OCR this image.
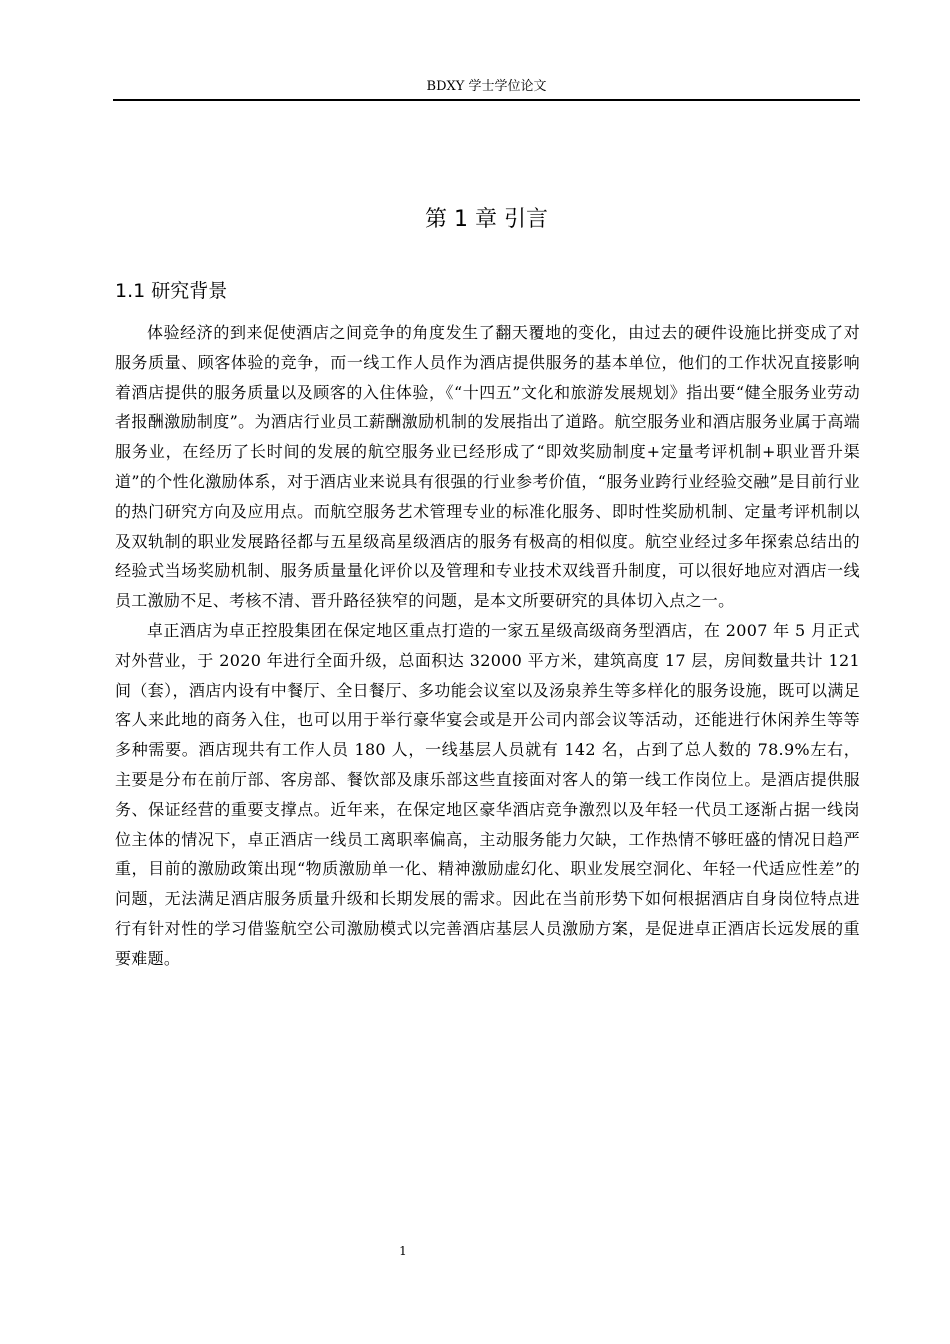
BDXY 学士学位论文
第 1 章 引言
1.1 研究背景

体验经济的到来促使酒店之间竞争的角度发生了翻天覆地的变化，由过去的硬件设施比拼变成了对服务质量、顾客体验的竞争，而一线工作人员作为酒店提供服务的基本单位，他们的工作状况直接影响着酒店提供的服务质量以及顾客的入住体验，《“十四五”文化和旅游发展规划》指出要“健全服务业劳动者报酬激励制度”。为酒店行业员工薪酬激励机制的发展指出了道路。航空服务业和酒店服务业属于高端服务业，在经历了长时间的发展的航空服务业已经形成了“即效奖励制度+定量考评机制+职业晋升渠道”的个性化激励体系，对于酒店业来说具有很强的行业参考价值，“服务业跨行业经验交融”是目前行业的热门研究方向及应用点。而航空服务艺术管理专业的标准化服务、即时性奖励机制、定量考评机制以及双轨制的职业发展路径都与五星级高星级酒店的服务有极高的相似度。航空业经过多年探索总结出的经验式当场奖励机制、服务质量量化评价以及管理和专业技术双线晋升制度，可以很好地应对酒店一线员工激励不足、考核不清、晋升路径狭窄的问题，是本文所要研究的具体切入点之一。

卓正酒店为卓正控股集团在保定地区重点打造的一家五星级高级商务型酒店，在 2007 年 5 月正式对外营业，于 2020 年进行全面升级，总面积达 32000 平方米，建筑高度 17 层，房间数量共计 121 间（套），酒店内设有中餐厅、全日餐厅、多功能会议室以及汤泉养生等多样化的服务设施，既可以满足客人来此地的商务入住，也可以用于举行豪华宴会或是开公司内部会议等活动，还能进行休闲养生等等多种需要。酒店现共有工作人员 180 人，一线基层人员就有 142 名，占到了总人数的 78.9%左右，主要是分布在前厅部、客房部、餐饮部及康乐部这些直接面对客人的第一线工作岗位上。是酒店提供服务、保证经营的重要支撑点。近年来，在保定地区豪华酒店竞争激烈以及年轻一代员工逐渐占据一线岗位主体的情况下，卓正酒店一线员工离职率偏高，主动服务能力欠缺，工作热情不够旺盛的情况日趋严重，目前的激励政策出现“物质激励单一化、精神激励虚幻化、职业发展空洞化、年轻一代适应性差”的问题，无法满足酒店服务质量升级和长期发展的需求。因此在当前形势下如何根据酒店自身岗位特点进行有针对性的学习借鉴航空公司激励模式以完善酒店基层人员激励方案，是促进卓正酒店长远发展的重要难题。

1
